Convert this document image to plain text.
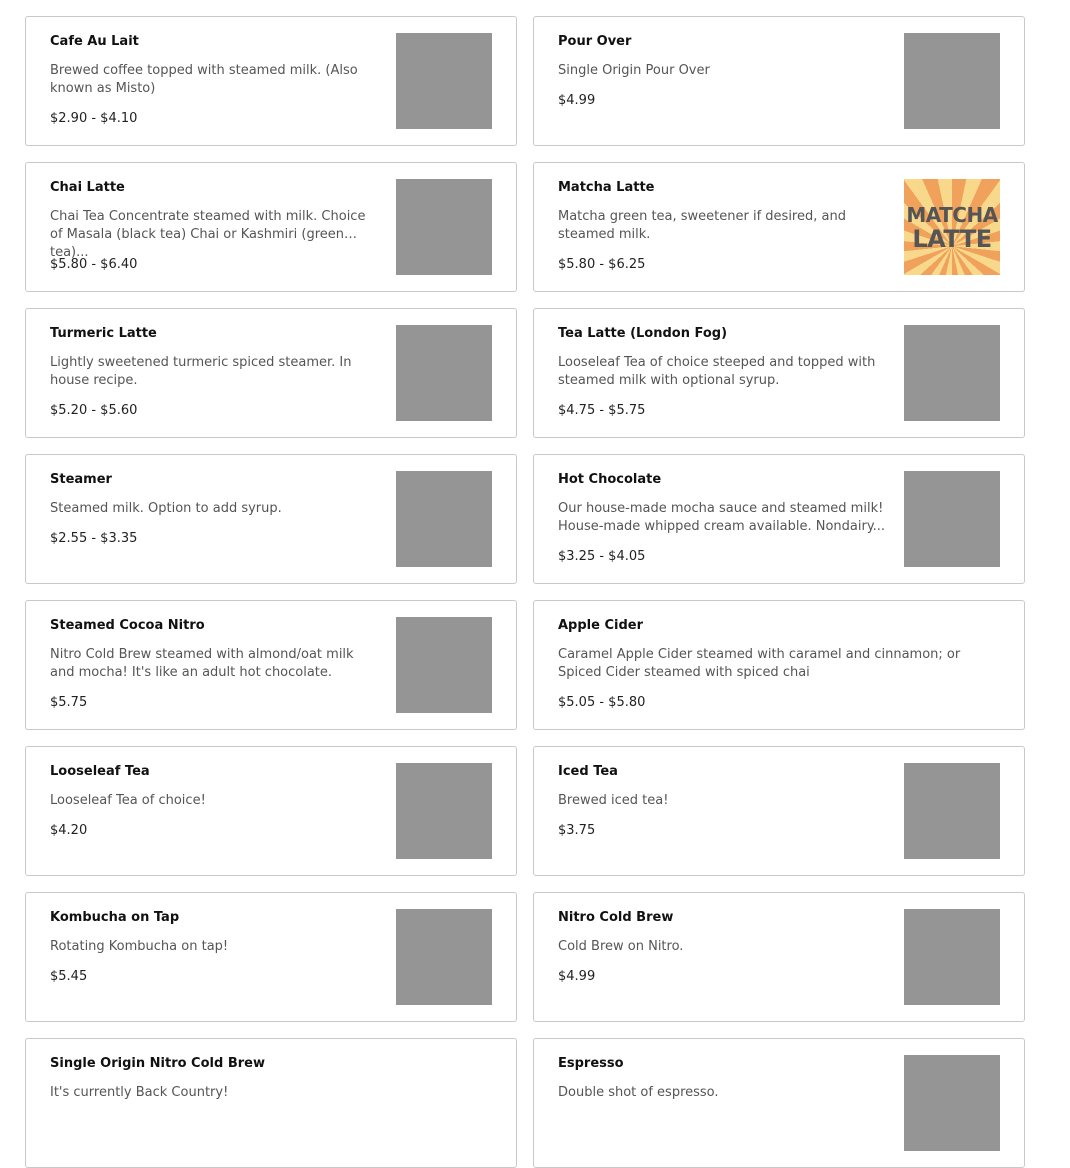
Cafe Au Lait
Brewed coffee topped with steamed milk. (Also known as Misto)
$2.90 - $4.10
Pour Over
Single Origin Pour Over
$4.99
Chai Latte
Chai Tea Concentrate steamed with milk. Choice of Masala (black tea) Chai or Kashmiri (green tea)...
$5.80 - $6.40
Matcha Latte
Matcha green tea, sweetener if desired, and steamed milk.
$5.80 - $6.25
MATCHA
LATTE
Turmeric Latte
Lightly sweetened turmeric spiced steamer. In house recipe.
$5.20 - $5.60
Tea Latte (London Fog)
Looseleaf Tea of choice steeped and topped with steamed milk with optional syrup.
$4.75 - $5.75
Steamer
Steamed milk. Option to add syrup.
$2.55 - $3.35
Hot Chocolate
Our house-made mocha sauce and steamed milk! House-made whipped cream available. Nondairy...
$3.25 - $4.05
Steamed Cocoa Nitro
Nitro Cold Brew steamed with almond/oat milk and mocha! It's like an adult hot chocolate.
$5.75
Apple Cider
Caramel Apple Cider steamed with caramel and cinnamon; or Spiced Cider steamed with spiced chai
$5.05 - $5.80
Looseleaf Tea
Looseleaf Tea of choice!
$4.20
Iced Tea
Brewed iced tea!
$3.75
Kombucha on Tap
Rotating Kombucha on tap!
$5.45
Nitro Cold Brew
Cold Brew on Nitro.
$4.99
Single Origin Nitro Cold Brew
It's currently Back Country!
Espresso
Double shot of espresso.
